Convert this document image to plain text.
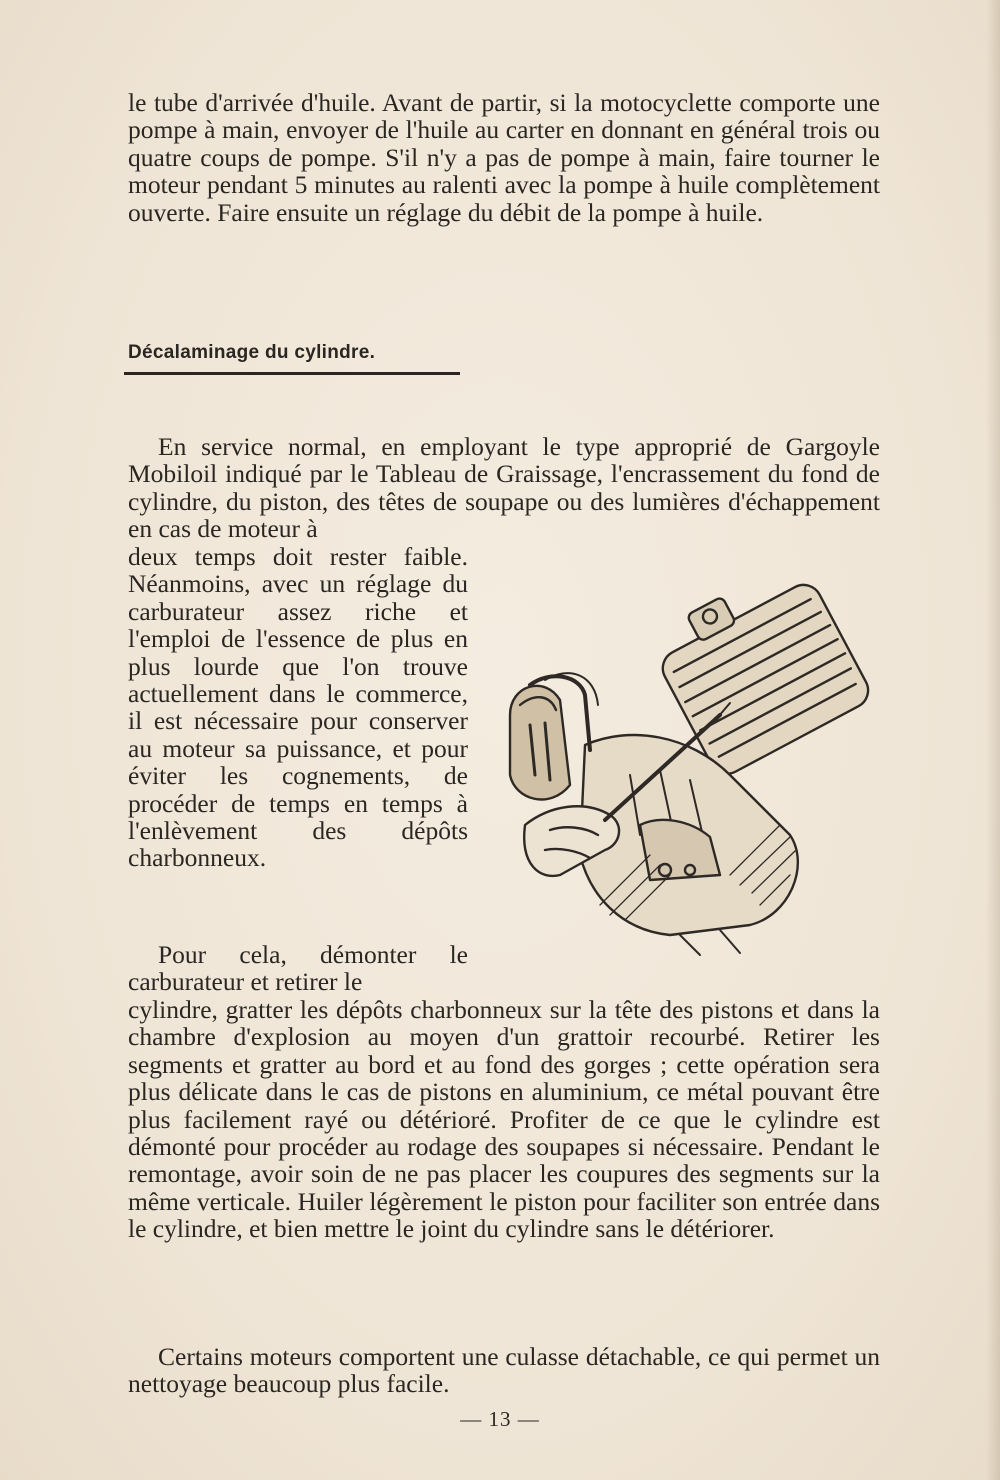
le tube d'arrivée d'huile. Avant de partir, si la motocyclette comporte une pompe à main, envoyer de l'huile au carter en donnant en général trois ou quatre coups de pompe. S'il n'y a pas de pompe à main, faire tourner le moteur pendant 5 minutes au ralenti avec la pompe à huile complètement ouverte. Faire ensuite un réglage du débit de la pompe à huile.

Décalaminage du cylindre.

En service normal, en employant le type approprié de Gargoyle Mobiloil indiqué par le Tableau de Graissage, l'encrassement du fond de cylindre, du piston, des têtes de soupape ou des lumières d'échappement en cas de moteur à

deux temps doit rester faible. Néanmoins, avec un réglage du carburateur assez riche et l'emploi de l'essence de plus en plus lourde que l'on trouve actuellement dans le commerce, il est nécessaire pour conserver au moteur sa puissance, et pour éviter les cognements, de procéder de temps en temps à l'enlèvement des dépôts charbonneux.

Pour cela, démonter le carburateur et retirer le

cylindre, gratter les dépôts charbonneux sur la tête des pistons et dans la chambre d'explosion au moyen d'un grattoir recourbé. Retirer les segments et gratter au bord et au fond des gorges ; cette opération sera plus délicate dans le cas de pistons en aluminium, ce métal pouvant être plus facilement rayé ou détérioré. Profiter de ce que le cylindre est démonté pour procéder au rodage des soupapes si nécessaire. Pendant le remontage, avoir soin de ne pas placer les coupures des segments sur la même verticale. Huiler légèrement le piston pour faciliter son entrée dans le cylindre, et bien mettre le joint du cylindre sans le détériorer.

Certains moteurs comportent une culasse détachable, ce qui permet un nettoyage beaucoup plus facile.

— 13 —
